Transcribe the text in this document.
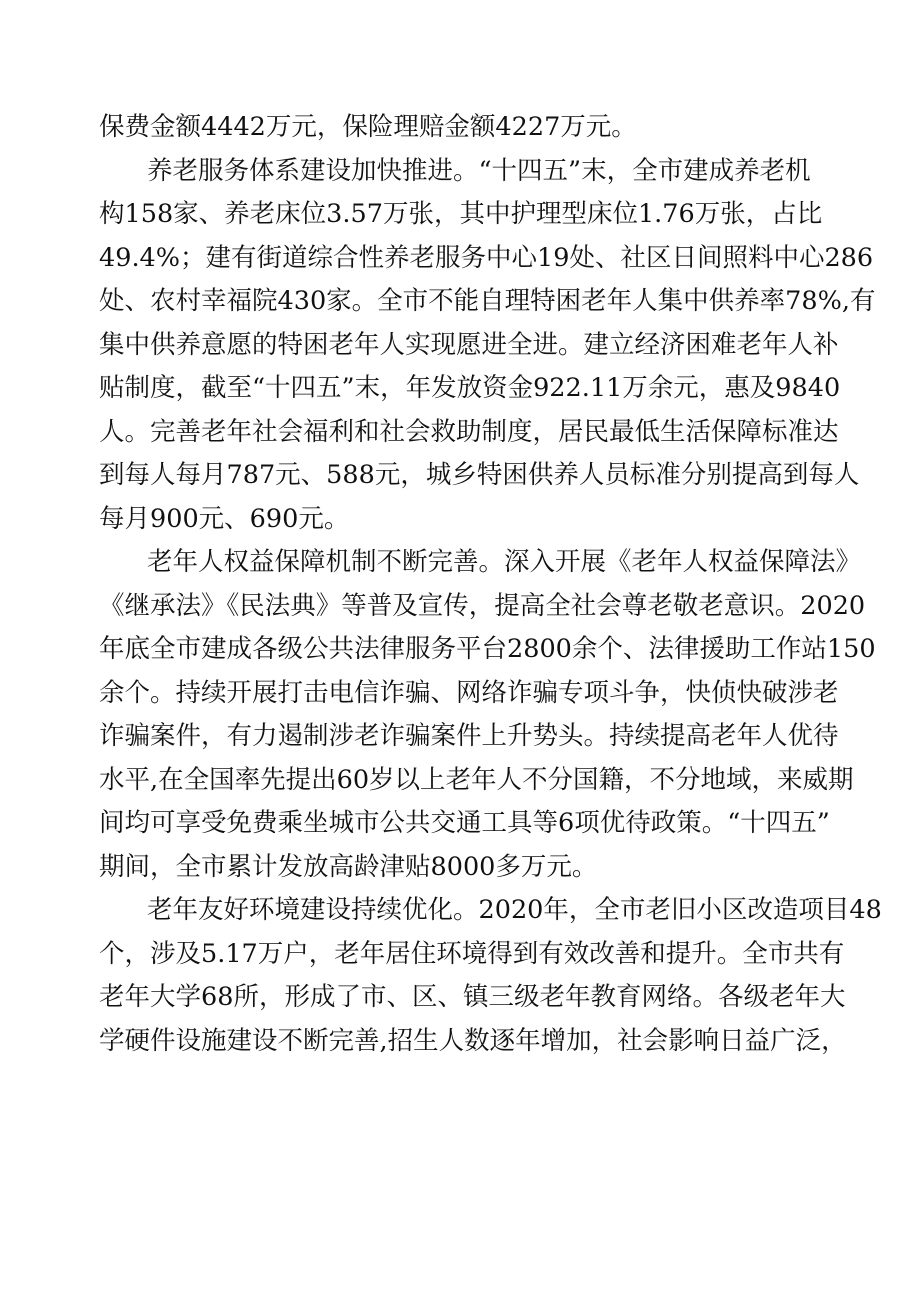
保费金额4442万元，保险理赔金额4227万元。
养老服务体系建设加快推进。“十四五”末，全市建成养老机
构158家、养老床位3.57万张，其中护理型床位1.76万张，占比
49.4%；建有街道综合性养老服务中心19处、社区日间照料中心286
处、农村幸福院430家。全市不能自理特困老年人集中供养率78%,有
集中供养意愿的特困老年人实现愿进全进。建立经济困难老年人补
贴制度，截至“十四五”末，年发放资金922.11万余元，惠及9840
人。完善老年社会福利和社会救助制度，居民最低生活保障标准达
到每人每月787元、588元，城乡特困供养人员标准分别提高到每人
每月900元、690元。
老年人权益保障机制不断完善。深入开展《老年人权益保障法》
《继承法》《民法典》等普及宣传，提高全社会尊老敬老意识。2020
年底全市建成各级公共法律服务平台2800余个、法律援助工作站150
余个。持续开展打击电信诈骗、网络诈骗专项斗争，快侦快破涉老
诈骗案件，有力遏制涉老诈骗案件上升势头。持续提高老年人优待
水平,在全国率先提出60岁以上老年人不分国籍，不分地域，来威期
间均可享受免费乘坐城市公共交通工具等6项优待政策。“十四五”
期间，全市累计发放高龄津贴8000多万元。
老年友好环境建设持续优化。2020年，全市老旧小区改造项目48
个，涉及5.17万户，老年居住环境得到有效改善和提升。全市共有
老年大学68所，形成了市、区、镇三级老年教育网络。各级老年大
学硬件设施建设不断完善,招生人数逐年增加，社会影响日益广泛，
